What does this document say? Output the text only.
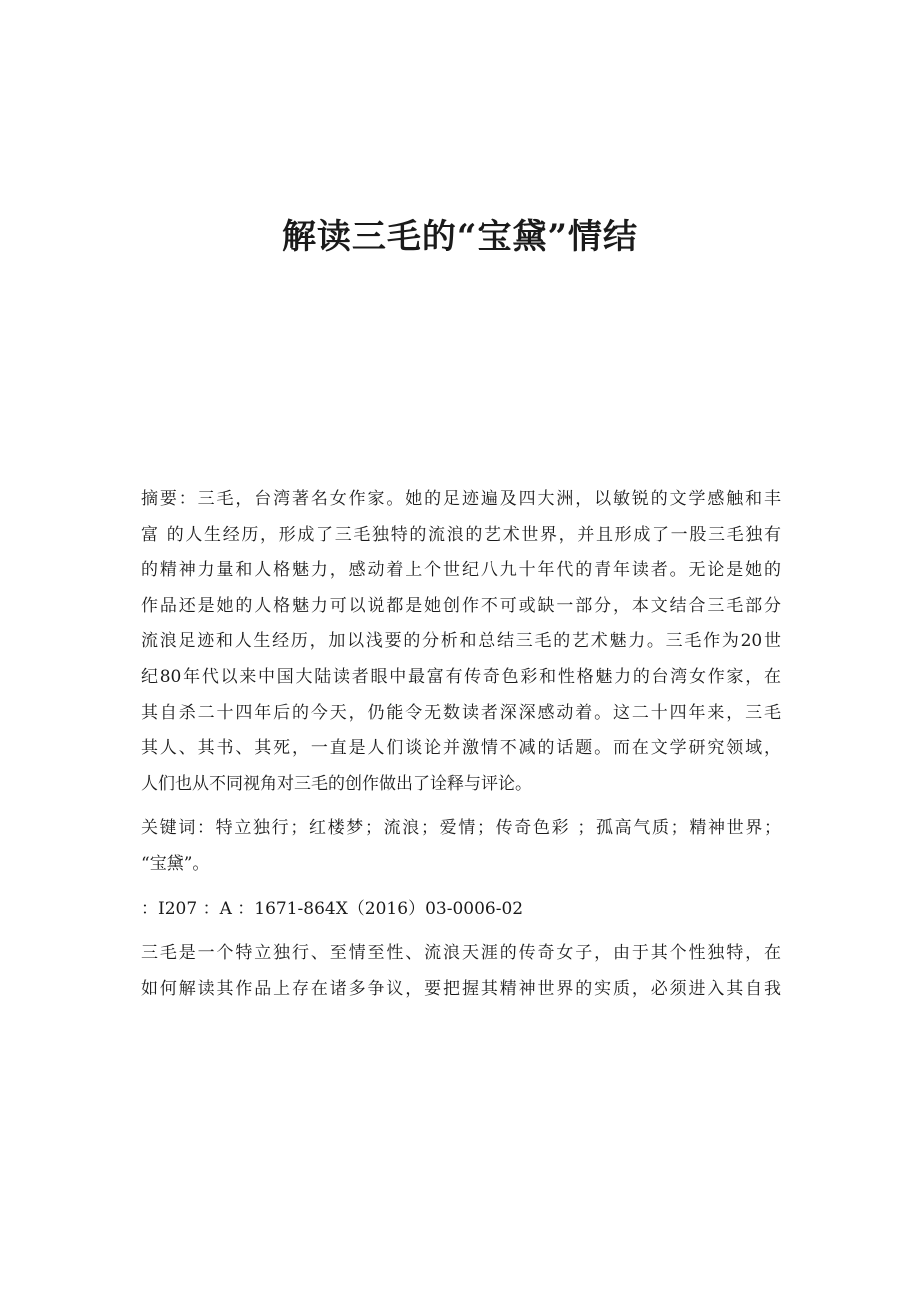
解读三毛的“宝黛”情结
摘要：三毛，台湾著名女作家。她的足迹遍及四大洲，以敏锐的文学感触和丰
富 的人生经历，形成了三毛独特的流浪的艺术世界，并且形成了一股三毛独有
的精神力量和人格魅力，感动着上个世纪八九十年代的青年读者。无论是她的
作品还是她的人格魅力可以说都是她创作不可或缺一部分，本文结合三毛部分
流浪足迹和人生经历，加以浅要的分析和总结三毛的艺术魅力。三毛作为20世
纪80年代以来中国大陆读者眼中最富有传奇色彩和性格魅力的台湾女作家，在
其自杀二十四年后的今天，仍能令无数读者深深感动着。这二十四年来，三毛
其人、其书、其死，一直是人们谈论并激情不减的话题。而在文学研究领域，
人们也从不同视角对三毛的创作做出了诠释与评论。
关键词：特立独行；红楼梦；流浪；爱情；传奇色彩 ；孤高气质；精神世界；
“宝黛”。
：I207 ：A ：1671-864X（2016）03-0006-02
三毛是一个特立独行、至情至性、流浪天涯的传奇女子，由于其个性独特，在
如何解读其作品上存在诸多争议，要把握其精神世界的实质，必须进入其自我
